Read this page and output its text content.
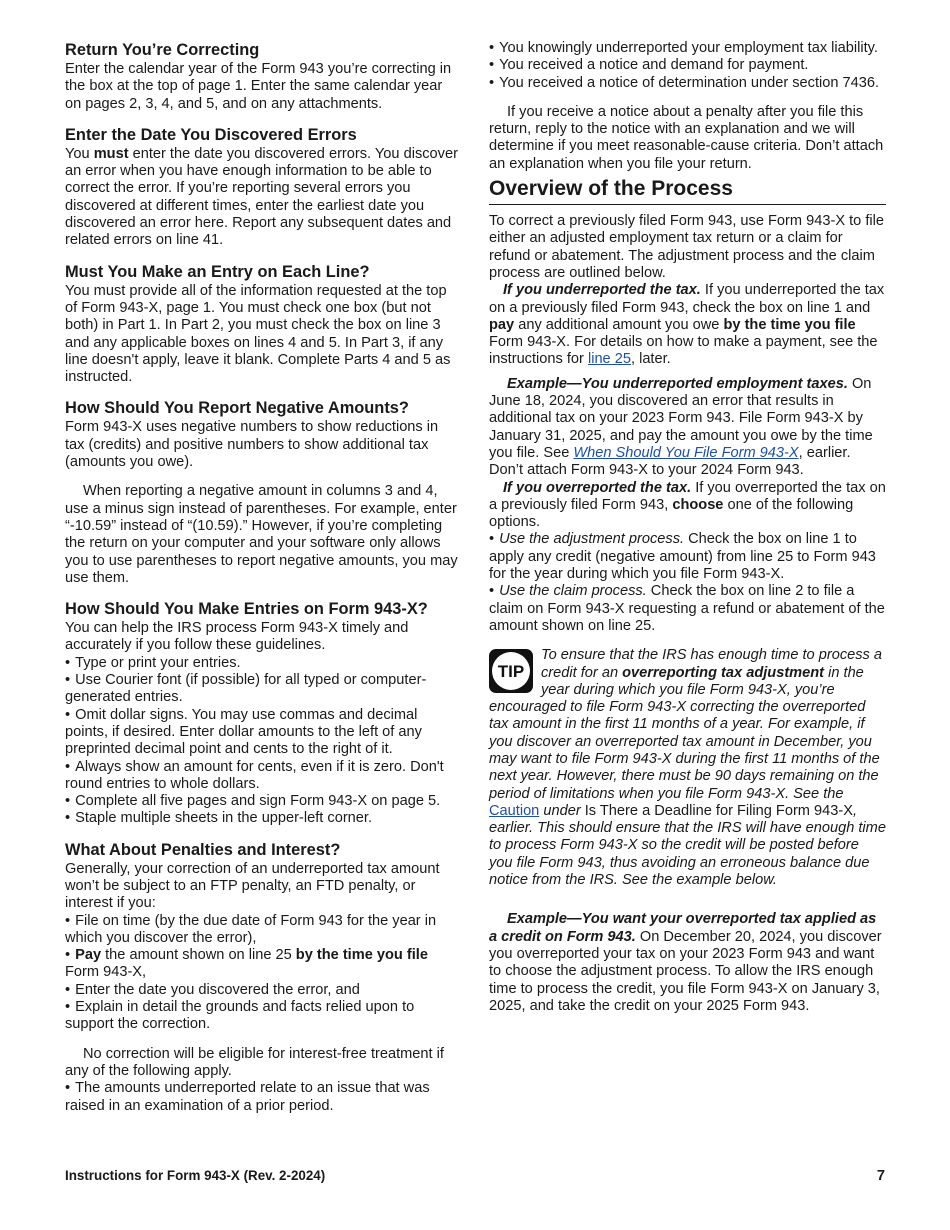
Return You’re Correcting

Enter the calendar year of the Form 943 you’re correcting in the box at the top of page 1. Enter the same calendar year on pages 2, 3, 4, and 5, and on any attachments.

Enter the Date You Discovered Errors

You must enter the date you discovered errors. You discover an error when you have enough information to be able to correct the error. If you’re reporting several errors you discovered at different times, enter the earliest date you discovered an error here. Report any subsequent dates and related errors on line 41.

Must You Make an Entry on Each Line?

You must provide all of the information requested at the top of Form 943-X, page 1. You must check one box (but not both) in Part 1. In Part 2, you must check the box on line 3 and any applicable boxes on lines 4 and 5. In Part 3, if any line doesn't apply, leave it blank. Complete Parts 4 and 5 as instructed.

How Should You Report Negative Amounts?

Form 943-X uses negative numbers to show reductions in tax (credits) and positive numbers to show additional tax (amounts you owe).

When reporting a negative amount in columns 3 and 4, use a minus sign instead of parentheses. For example, enter “-10.59” instead of “(10.59).” However, if you’re completing the return on your computer and your software only allows you to use parentheses to report negative amounts, you may use them.

How Should You Make Entries on Form 943-X?

You can help the IRS process Form 943-X timely and accurately if you follow these guidelines.

• Type or print your entries.

• Use Courier font (if possible) for all typed or computer-generated entries.

• Omit dollar signs. You may use commas and decimal points, if desired. Enter dollar amounts to the left of any preprinted decimal point and cents to the right of it.

• Always show an amount for cents, even if it is zero. Don't round entries to whole dollars.

• Complete all five pages and sign Form 943-X on page 5.

• Staple multiple sheets in the upper-left corner.

What About Penalties and Interest?

Generally, your correction of an underreported tax amount won’t be subject to an FTP penalty, an FTD penalty, or interest if you:

• File on time (by the due date of Form 943 for the year in which you discover the error),

• Pay the amount shown on line 25 by the time you file Form 943-X,

• Enter the date you discovered the error, and

• Explain in detail the grounds and facts relied upon to support the correction.

No correction will be eligible for interest-free treatment if any of the following apply.

• The amounts underreported relate to an issue that was raised in an examination of a prior period.

• You knowingly underreported your employment tax liability.

• You received a notice and demand for payment.

• You received a notice of determination under section 7436.

If you receive a notice about a penalty after you file this return, reply to the notice with an explanation and we will determine if you meet reasonable-cause criteria. Don’t attach an explanation when you file your return.

Overview of the Process

To correct a previously filed Form 943, use Form 943-X to file either an adjusted employment tax return or a claim for refund or abatement. The adjustment process and the claim process are outlined below.

If you underreported the tax. If you underreported the tax on a previously filed Form 943, check the box on line 1 and pay any additional amount you owe by the time you file Form 943-X. For details on how to make a payment, see the instructions for line 25, later.

Example—You underreported employment taxes. On June 18, 2024, you discovered an error that results in additional tax on your 2023 Form 943. File Form 943-X by January 31, 2025, and pay the amount you owe by the time you file. See When Should You File Form 943-X, earlier. Don’t attach Form 943-X to your 2024 Form 943.

If you overreported the tax. If you overreported the tax on a previously filed Form 943, choose one of the following options.

• Use the adjustment process. Check the box on line 1 to apply any credit (negative amount) from line 25 to Form 943 for the year during which you file Form 943-X.

• Use the claim process. Check the box on line 2 to file a claim on Form 943-X requesting a refund or abatement of the amount shown on line 25.

TIP
To ensure that the IRS has enough time to process a credit for an overreporting tax adjustment in the year during which you file Form 943-X, you’re encouraged to file Form 943-X correcting the overreported tax amount in the first 11 months of a year. For example, if you discover an overreported tax amount in December, you may want to file Form 943-X during the first 11 months of the next year. However, there must be 90 days remaining on the period of limitations when you file Form 943-X. See the Caution under Is There a Deadline for Filing Form 943-X, earlier. This should ensure that the IRS will have enough time to process Form 943-X so the credit will be posted before you file Form 943, thus avoiding an erroneous balance due notice from the IRS. See the example below.

Example—You want your overreported tax applied as a credit on Form 943. On December 20, 2024, you discover you overreported your tax on your 2023 Form 943 and want to choose the adjustment process. To allow the IRS enough time to process the credit, you file Form 943-X on January 3, 2025, and take the credit on your 2025 Form 943.

Instructions for Form 943-X (Rev. 2-2024)	7
